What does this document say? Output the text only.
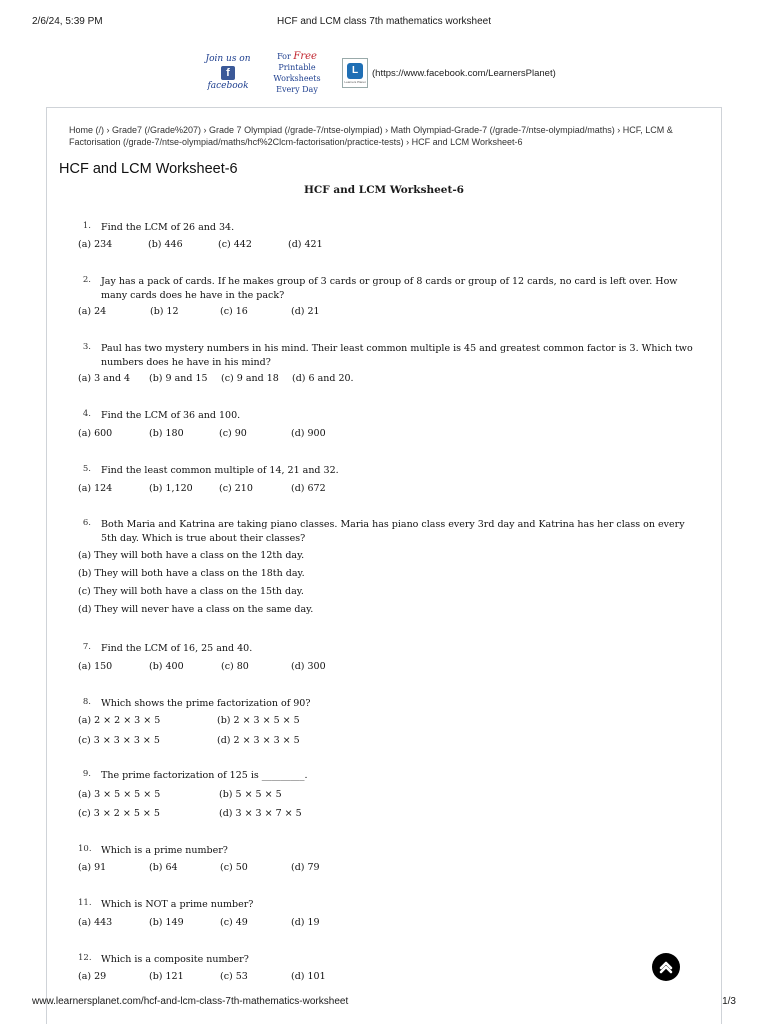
2/6/24, 5:39 PM	HCF and LCM class 7th mathematics worksheet
Join us on
f
facebook
For Free
Printable Worksheets
Every Day
L
Learners Planet
(https://www.facebook.com/LearnersPlanet)
Home (/) › Grade7 (/Grade%207) › Grade 7 Olympiad (/grade-7/ntse-olympiad) › Math Olympiad-Grade-7 (/grade-7/ntse-olympiad/maths) › HCF, LCM & Factorisation (/grade-7/ntse-olympiad/maths/hcf%2Clcm-factorisation/practice-tests) › HCF and LCM Worksheet-6
HCF and LCM Worksheet-6
HCF and LCM Worksheet-6
1. Find the LCM of 26 and 34.
(a) 234	(b) 446	(c) 442	(d) 421
2. Jay has a pack of cards. If he makes group of 3 cards or group of 8 cards or group of 12 cards, no card is left over. How many cards does he have in the pack?
(a) 24	(b) 12	(c) 16	(d) 21
3. Paul has two mystery numbers in his mind. Their least common multiple is 45 and greatest common factor is 3. Which two numbers does he have in his mind?
(a) 3 and 4 (b) 9 and 15 (c) 9 and 18 (d) 6 and 20.
4. Find the LCM of 36 and 100.
(a) 600	(b) 180	(c) 90	(d) 900
5. Find the least common multiple of 14, 21 and 32.
(a) 124	(b) 1,120	(c) 210	(d) 672
6. Both Maria and Katrina are taking piano classes. Maria has piano class every 3rd day and Katrina has her class on every 5th day. Which is true about their classes?
(a) They will both have a class on the 12th day.
(b) They will both have a class on the 18th day.
(c) They will both have a class on the 15th day.
(d) They will never have a class on the same day.
7. Find the LCM of 16, 25 and 40.
(a) 150	(b) 400	(c) 80	(d) 300
8. Which shows the prime factorization of 90?
(a) 2 × 2 × 3 × 5	(b) 2 × 3 × 5 × 5
(c) 3 × 3 × 3 × 5	(d) 2 × 3 × 3 × 5
9. The prime factorization of 125 is _________.
(a) 3 × 5 × 5 × 5	(b) 5 × 5 × 5
(c) 3 × 2 × 5 × 5	(d) 3 × 3 × 7 × 5
10. Which is a prime number?
(a) 91	(b) 64	(c) 50	(d) 79
11. Which is NOT a prime number?
(a) 443	(b) 149	(c) 49	(d) 19
12. Which is a composite number?
(a) 29	(b) 121	(c) 53	(d) 101
www.learnersplanet.com/hcf-and-lcm-class-7th-mathematics-worksheet	1/3
